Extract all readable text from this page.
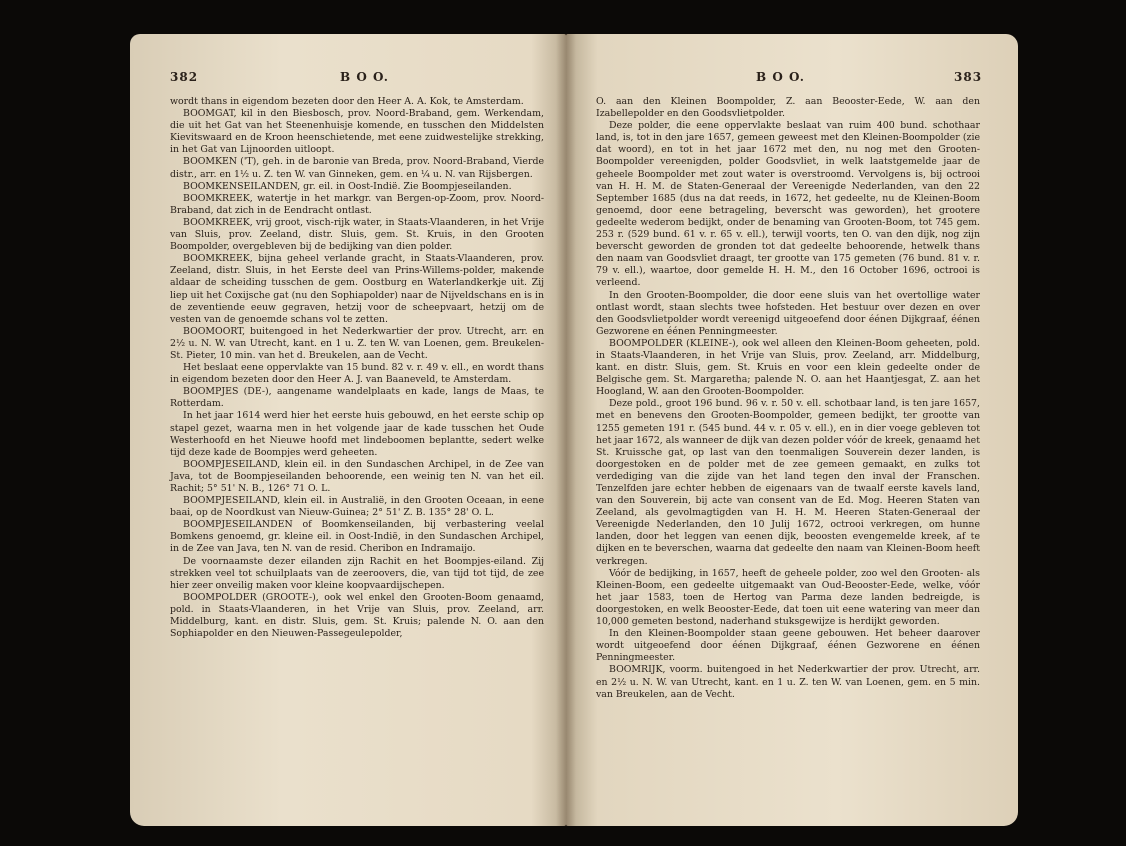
382	B O O.

wordt thans in eigendom bezeten door den Heer A. A. Kok, te Amsterdam.

BOOMGAT, kil in den Biesbosch, prov. Noord-Braband, gem. Werkendam, die uit het Gat van het Steenenhuisje komende, en tusschen den Middelsten Kievitswaard en de Kroon heenschietende, met eene zuidwestelijke strekking, in het Gat van Lijnoorden uitloopt.

BOOMKEN ('T), geh. in de baronie van Breda, prov. Noord-Braband, Vierde distr., arr. en 1½ u. Z. ten W. van Ginneken, gem. en ¼ u. N. van Rijsbergen.

BOOMKENSEILANDEN, gr. eil. in Oost-Indië. Zie Boompjeseilanden.

BOOMKREEK, watertje in het markgr. van Bergen-op-Zoom, prov. Noord-Braband, dat zich in de Eendracht ontlast.

BOOMKREEK, vrij groot, visch-rijk water, in Staats-Vlaanderen, in het Vrije van Sluis, prov. Zeeland, distr. Sluis, gem. St. Kruis, in den Grooten Boompolder, overgebleven bij de bedijking van dien polder.

BOOMKREEK, bijna geheel verlande gracht, in Staats-Vlaanderen, prov. Zeeland, distr. Sluis, in het Eerste deel van Prins-Willems-polder, makende aldaar de scheiding tusschen de gem. Oostburg en Waterlandkerkje uit. Zij liep uit het Coxijsche gat (nu den Sophiapolder) naar de Nijveldschans en is in de zeventiende eeuw gegraven, hetzij voor de scheepvaart, hetzij om de vesten van de genoemde schans vol te zetten.

BOOMOORT, buitengoed in het Nederkwartier der prov. Utrecht, arr. en 2½ u. N. W. van Utrecht, kant. en 1 u. Z. ten W. van Loenen, gem. Breukelen-St. Pieter, 10 min. van het d. Breukelen, aan de Vecht.

Het beslaat eene oppervlakte van 15 bund. 82 v. r. 49 v. ell., en wordt thans in eigendom bezeten door den Heer A. J. van Baaneveld, te Amsterdam.

BOOMPJES (DE-), aangename wandelplaats en kade, langs de Maas, te Rotterdam.

In het jaar 1614 werd hier het eerste huis gebouwd, en het eerste schip op stapel gezet, waarna men in het volgende jaar de kade tusschen het Oude Westerhoofd en het Nieuwe hoofd met lindeboomen beplantte, sedert welke tijd deze kade de Boompjes werd geheeten.

BOOMPJESEILAND, klein eil. in den Sundaschen Archipel, in de Zee van Java, tot de Boompjeseilanden behoorende, een weinig ten N. van het eil. Rachit; 5° 51' N. B., 126° 71 O. L.

BOOMPJESEILAND, klein eil. in Australië, in den Grooten Oceaan, in eene baai, op de Noordkust van Nieuw-Guinea; 2° 51' Z. B. 135° 28' O. L.

BOOMPJESEILANDEN of Boomkenseilanden, bij verbastering veelal Bomkens genoemd, gr. kleine eil. in Oost-Indië, in den Sundaschen Archipel, in de Zee van Java, ten N. van de resid. Cheribon en Indramaijo.

De voornaamste dezer eilanden zijn Rachit en het Boompjes-eiland. Zij strekken veel tot schuilplaats van de zeeroovers, die, van tijd tot tijd, de zee hier zeer onveilig maken voor kleine koopvaardijschepen.

BOOMPOLDER (GROOTE-), ook wel enkel den Grooten-Boom genaamd, pold. in Staats-Vlaanderen, in het Vrije van Sluis, prov. Zeeland, arr. Middelburg, kant. en distr. Sluis, gem. St. Kruis; palende N. O. aan den Sophiapolder en den Nieuwen-Passegeulepolder,

B O O.	383

O. aan den Kleinen Boompolder, Z. aan Beooster-Eede, W. aan den Izabellepolder en den Goodsvlietpolder.

Deze polder, die eene oppervlakte beslaat van ruim 400 bund. schothaar land, is, tot in den jare 1657, gemeen geweest met den Kleinen-Boompolder (zie dat woord), en tot in het jaar 1672 met den, nu nog met den Grooten-Boompolder vereenigden, polder Goodsvliet, in welk laatstgemelde jaar de geheele Boompolder met zout water is overstroomd. Vervolgens is, bij octrooi van H. H. M. de Staten-Generaal der Vereenigde Nederlanden, van den 22 September 1685 (dus na dat reeds, in 1672, het gedeelte, nu de Kleinen-Boom genoemd, door eene betrageling, beverscht was geworden), het grootere gedeelte wederom bedijkt, onder de benaming van Grooten-Boom, tot 745 gem. 253 r. (529 bund. 61 v. r. 65 v. ell.), terwijl voorts, ten O. van den dijk, nog zijn beverscht geworden de gronden tot dat gedeelte behoorende, hetwelk thans den naam van Goodsvliet draagt, ter grootte van 175 gemeten (76 bund. 81 v. r. 79 v. ell.), waartoe, door gemelde H. H. M., den 16 October 1696, octrooi is verleend.

In den Grooten-Boompolder, die door eene sluis van het overtollige water ontlast wordt, staan slechts twee hofsteden. Het bestuur over dezen en over den Goodsvlietpolder wordt vereenigd uitgeoefend door éénen Dijkgraaf, éénen Gezworene en éénen Penningmeester.

BOOMPOLDER (KLEINE-), ook wel alleen den Kleinen-Boom geheeten, pold. in Staats-Vlaanderen, in het Vrije van Sluis, prov. Zeeland, arr. Middelburg, kant. en distr. Sluis, gem. St. Kruis en voor een klein gedeelte onder de Belgische gem. St. Margaretha; palende N. O. aan het Haantjesgat, Z. aan het Hoogland, W. aan den Grooten-Boompolder.

Deze pold., groot 196 bund. 96 v. r. 50 v. ell. schotbaar land, is ten jare 1657, met en benevens den Grooten-Boompolder, gemeen bedijkt, ter grootte van 1255 gemeten 191 r. (545 bund. 44 v. r. 05 v. ell.), en in dier voege gebleven tot het jaar 1672, als wanneer de dijk van dezen polder vóór de kreek, genaamd het St. Kruissche gat, op last van den toenmaligen Souverein dezer landen, is doorgestoken en de polder met de zee gemeen gemaakt, en zulks tot verdediging van die zijde van het land tegen den inval der Franschen. Tenzelfden jare echter hebben de eigenaars van de twaalf eerste kavels land, van den Souverein, bij acte van consent van de Ed. Mog. Heeren Staten van Zeeland, als gevolmagtigden van H. H. M. Heeren Staten-Generaal der Vereenigde Nederlanden, den 10 Julij 1672, octrooi verkregen, om hunne landen, door het leggen van eenen dijk, beoosten evengemelde kreek, af te dijken en te beverschen, waarna dat gedeelte den naam van Kleinen-Boom heeft verkregen.

Vóór de bedijking, in 1657, heeft de geheele polder, zoo wel den Grooten- als Kleinen-Boom, een gedeelte uitgemaakt van Oud-Beooster-Eede, welke, vóór het jaar 1583, toen de Hertog van Parma deze landen bedreigde, is doorgestoken, en welk Beooster-Eede, dat toen uit eene watering van meer dan 10,000 gemeten bestond, naderhand stuksgewijze is herdijkt geworden.

In den Kleinen-Boompolder staan geene gebouwen. Het beheer daarover wordt uitgeoefend door éénen Dijkgraaf, éénen Gezworene en éénen Penningmeester.

BOOMRIJK, voorm. buitengoed in het Nederkwartier der prov. Utrecht, arr. en 2½ u. N. W. van Utrecht, kant. en 1 u. Z. ten W. van Loenen, gem. en 5 min. van Breukelen, aan de Vecht.
